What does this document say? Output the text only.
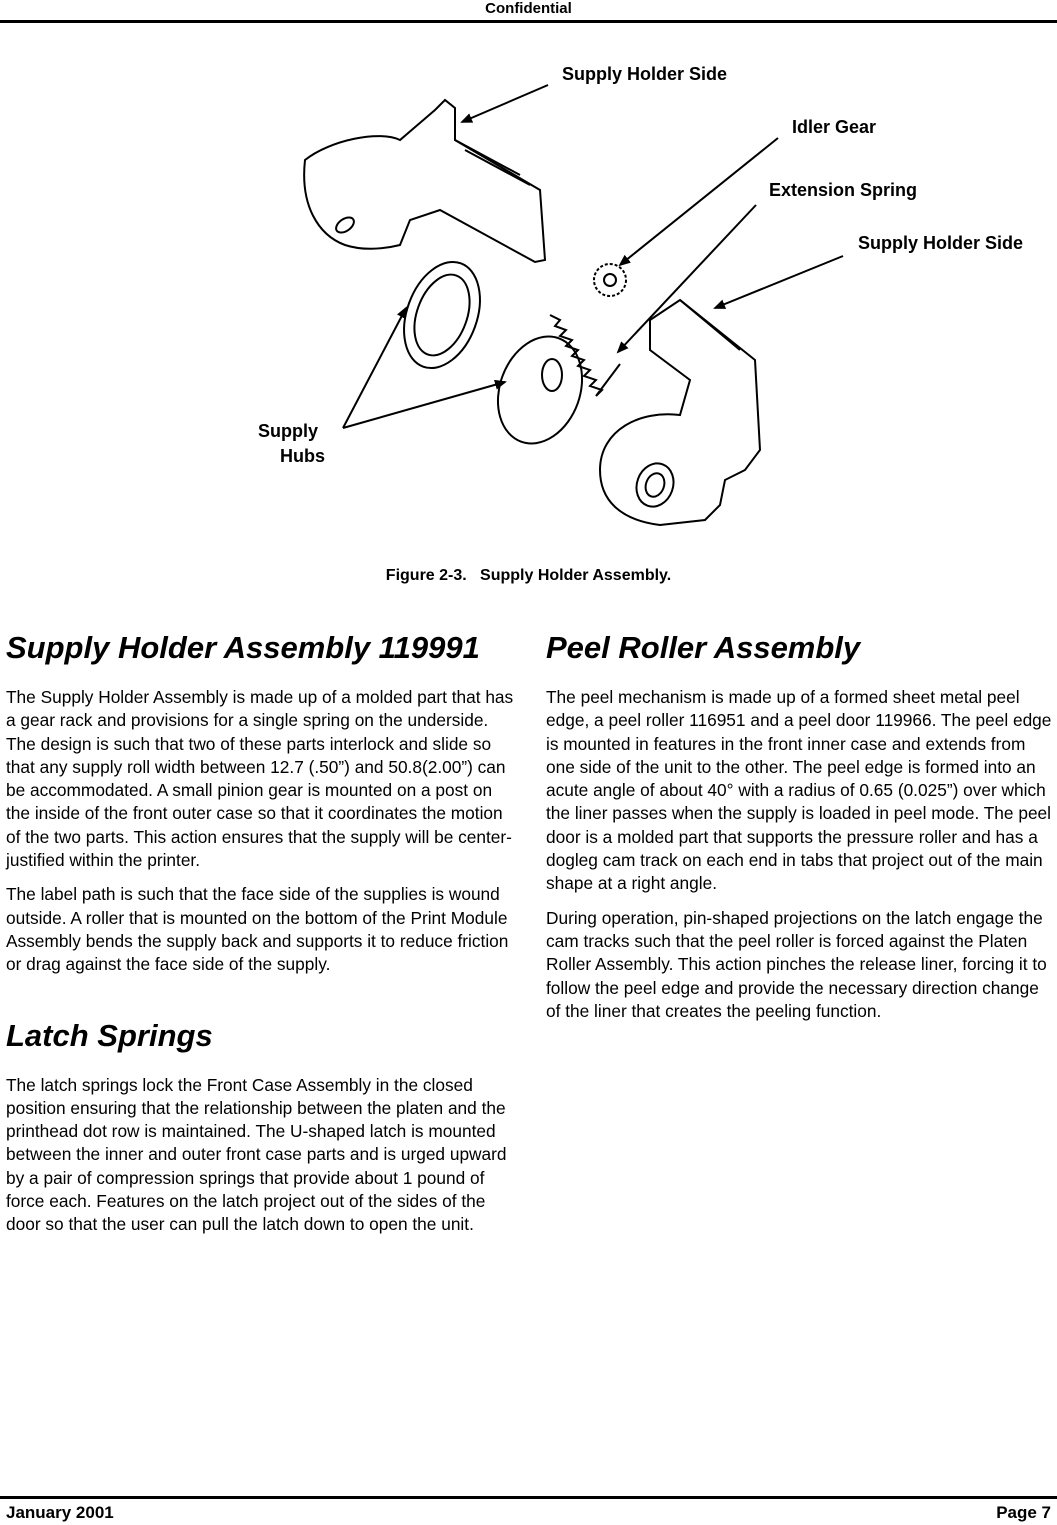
Confidential
Supply Holder Side
Idler Gear
Extension Spring
Supply Holder Side
Supply
Hubs
Figure 2-3.   Supply Holder Assembly.
Supply Holder Assembly 119991

The Supply Holder Assembly is made up of a molded part that has a gear rack and provisions for a single spring on the underside. The design is such that two of these parts interlock and slide so that any supply roll width between 12.7 (.50”) and 50.8(2.00”) can be accommodated. A small pinion gear is mounted on a post on the inside of the front outer case so that it coordinates the motion of the two parts. This action ensures that the supply will be center-justified within the printer.

The label path is such that the face side of the supplies is wound outside. A roller that is mounted on the bottom of the Print Module Assembly bends the supply back and supports it to reduce friction or drag against the face side of the supply.

Latch Springs

The latch springs lock the Front Case Assembly in the closed position ensuring that the relationship between the platen and the printhead dot row is maintained. The U-shaped latch is mounted between the inner and outer front case parts and is urged upward by a pair of compression springs that provide about 1 pound of force each. Features on the latch project out of the sides of the door so that the user can pull the latch down to open the unit.

Peel Roller Assembly

The peel mechanism is made up of a formed sheet metal peel edge, a peel roller 116951 and a peel door 119966. The peel edge is mounted in features in the front inner case and extends from one side of the unit to the other. The peel edge is formed into an acute angle of about 40° with a radius of 0.65 (0.025”) over which the liner passes when the supply is loaded in peel mode. The peel door is a molded part that supports the pressure roller and has a dogleg cam track on each end in tabs that project out of the main shape at a right angle.

During operation, pin-shaped projections on the latch engage the cam tracks such that the peel roller is forced against the Platen Roller Assembly. This action pinches the release liner, forcing it to follow the peel edge and provide the necessary direction change of the liner that creates the peeling function.

January 2001	Page 7
